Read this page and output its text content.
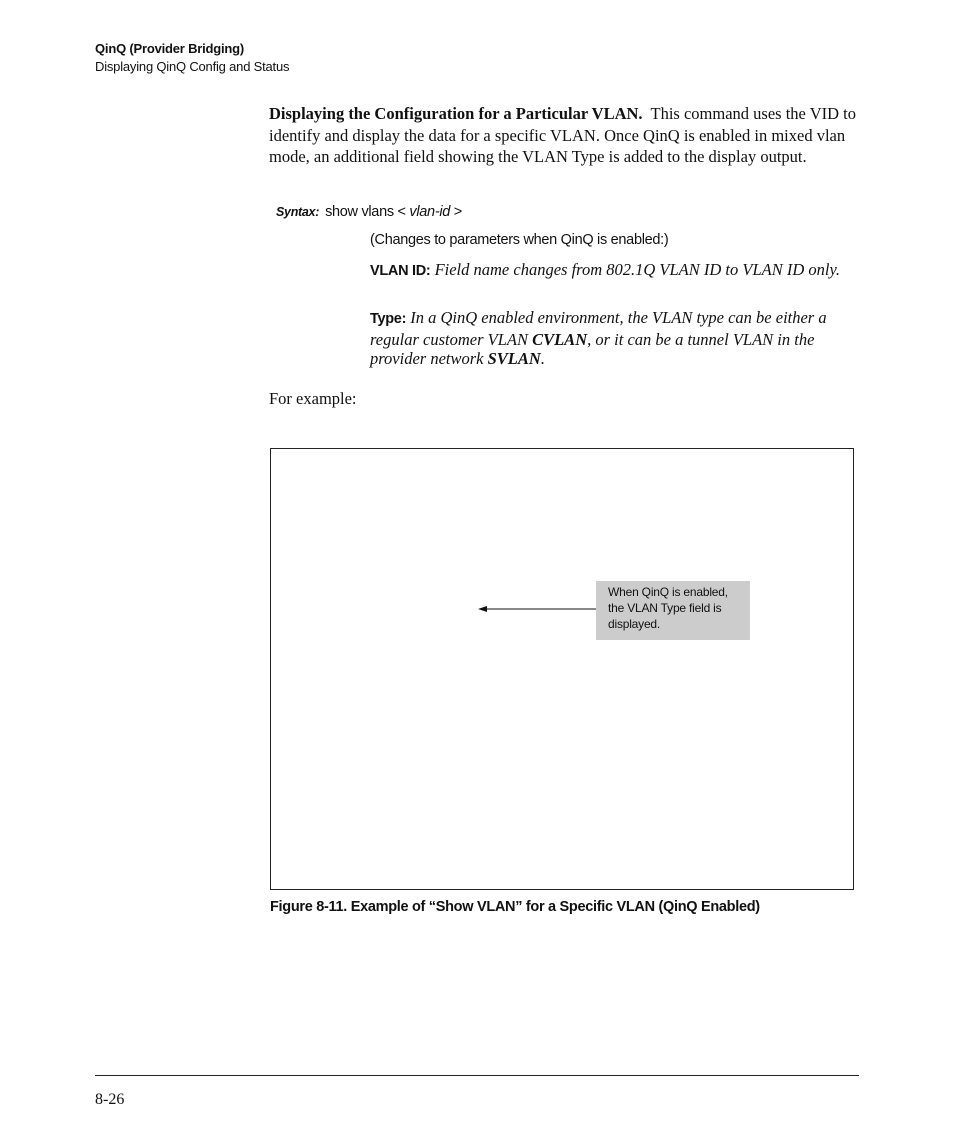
QinQ (Provider Bridging)
Displaying QinQ Config and Status

Displaying the Configuration for a Particular VLAN. This command uses the VID to identify and display the data for a specific VLAN. Once QinQ is enabled in mixed vlan mode, an additional field showing the VLAN Type is added to the display output.

Syntax: show vlans < vlan-id >
(Changes to parameters when QinQ is enabled:)

VLAN ID: Field name changes from 802.1Q VLAN ID to VLAN ID only.

Type: In a QinQ enabled environment, the VLAN type can be either a regular customer VLAN CVLAN, or it can be a tunnel VLAN in the provider network SVLAN.

For example:
When QinQ is enabled, the VLAN Type field is displayed.
Figure 8-11. Example of “Show VLAN” for a Specific VLAN (QinQ Enabled)
8-26
